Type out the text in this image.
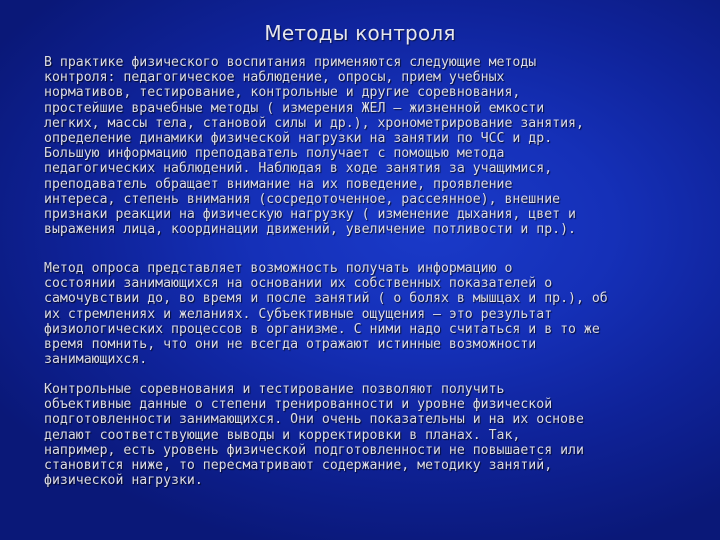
Методы контроля
В практике физического воспитания применяются следующие методы
контроля: педагогическое наблюдение, опросы, прием учебных
нормативов, тестирование, контрольные и другие соревнования,
простейшие врачебные методы ( измерения ЖЕЛ – жизненной емкости
легких, массы тела, становой силы и др.), хронометрирование занятия,
определение динамики физической нагрузки на занятии по ЧСС и др.
Большую информацию преподаватель получает с помощью метода
педагогических наблюдений. Наблюдая в ходе занятия за учащимися,
преподаватель обращает внимание на их поведение, проявление
интереса, степень внимания (сосредоточенное, рассеянное), внешние
признаки реакции на физическую нагрузку ( изменение дыхания, цвет и
выражения лица, координации движений, увеличение потливости и пр.).
Метод опроса представляет возможность получать информацию о
состоянии занимающихся на основании их собственных показателей о
самочувствии до, во время и после занятий ( о болях в мышцах и пр.), об
их стремлениях и желаниях. Субъективные ощущения – это результат
физиологических процессов в организме. С ними надо считаться и в то же
время помнить, что они не всегда отражают истинные возможности
занимающихся.
Контрольные соревнования и тестирование позволяют получить
объективные данные о степени тренированности и уровне физической
подготовленности занимающихся. Они очень показательны и на их основе
делают соответствующие выводы и корректировки в планах. Так,
например, есть уровень физической подготовленности не повышается или
становится ниже, то пересматривают содержание, методику занятий,
физической нагрузки.
